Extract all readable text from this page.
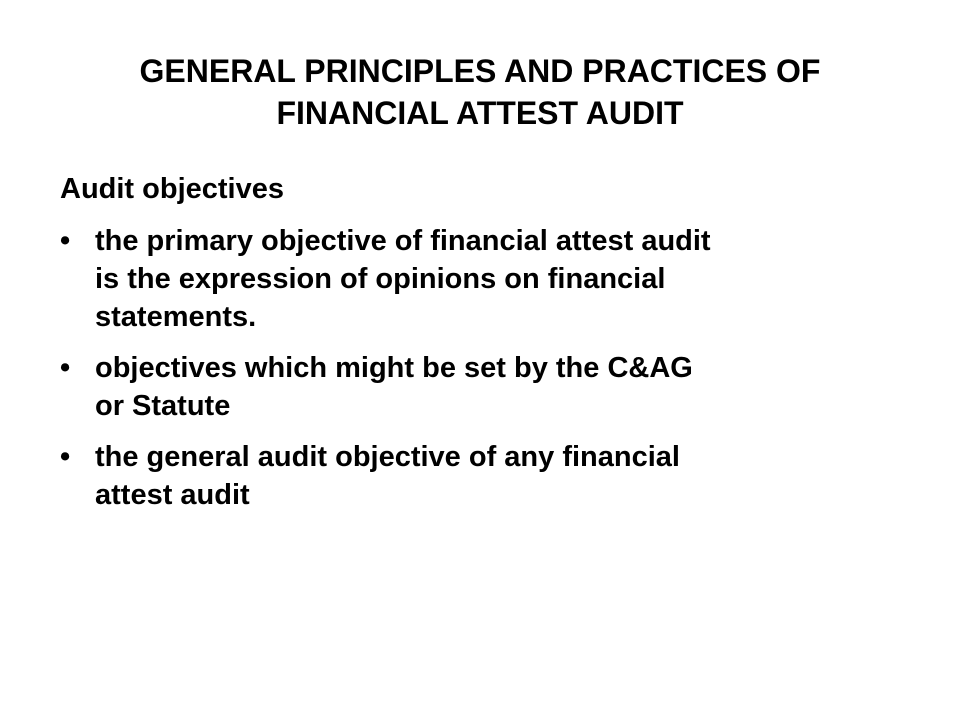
GENERAL PRINCIPLES AND PRACTICES OF
FINANCIAL ATTEST AUDIT
Audit objectives
• the primary objective of financial attest audit
is the expression of opinions on financial
statements.
• objectives which might be set by the C&AG
or Statute
• the general audit objective of any financial
attest audit
